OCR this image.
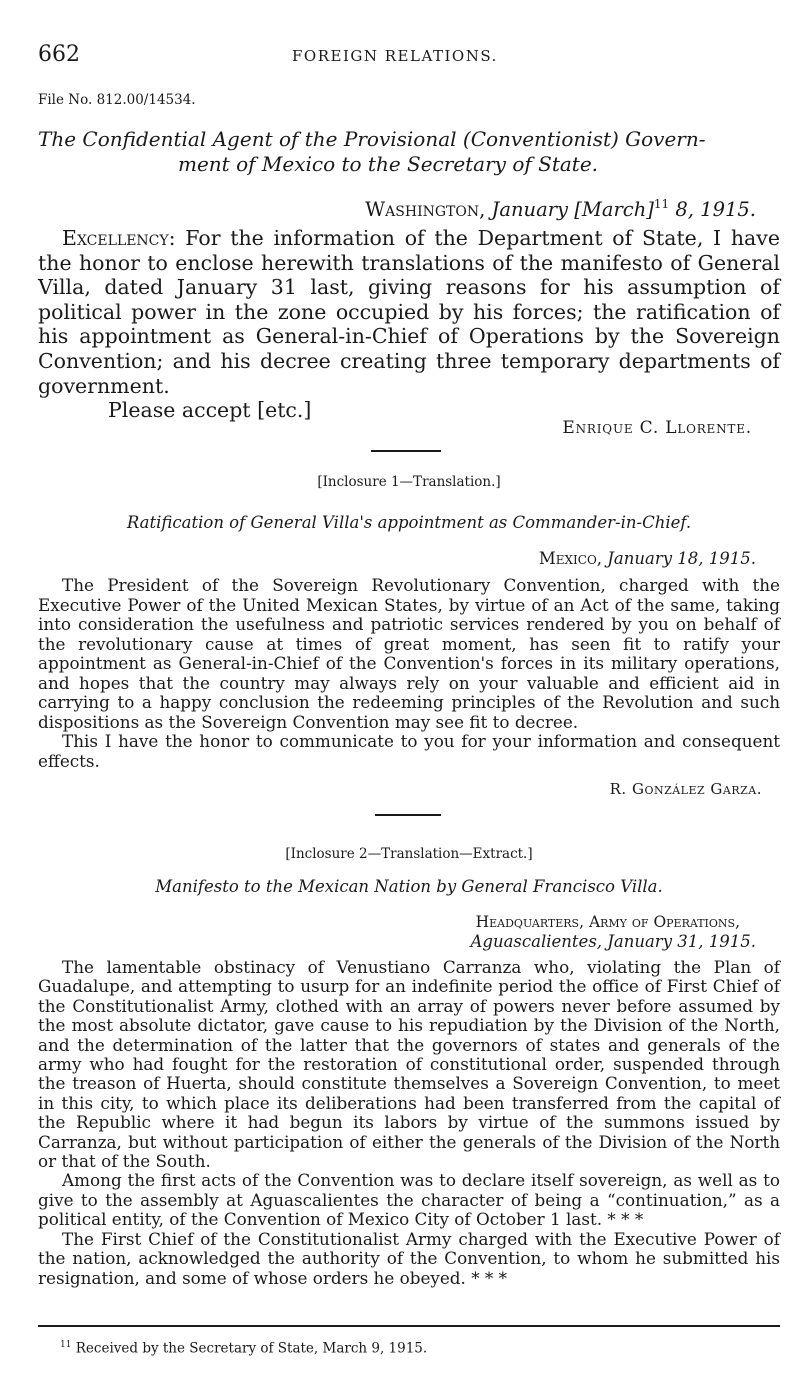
662	FOREIGN RELATIONS.
File No. 812.00/14534.
The Confidential Agent of the Provisional (Conventionist) Govern-
ment of Mexico to the Secretary of State.
Washington, January [March]$^{11}$ 8, 1915.

Excellency: For the information of the Department of State, I have the honor to enclose herewith translations of the manifesto of General Villa, dated January 31 last, giving reasons for his assumption of political power in the zone occupied by his forces; the ratification of his appointment as General-in-Chief of Operations by the Sovereign Convention; and his decree creating three temporary departments of government.

Please accept [etc.]

Enrique C. Llorente.
[Inclosure 1—Translation.]
Ratification of General Villa's appointment as Commander-in-Chief.
Mexico, January 18, 1915.

The President of the Sovereign Revolutionary Convention, charged with the Executive Power of the United Mexican States, by virtue of an Act of the same, taking into consideration the usefulness and patriotic services rendered by you on behalf of the revolutionary cause at times of great moment, has seen fit to ratify your appointment as General-in-Chief of the Convention's forces in its military operations, and hopes that the country may always rely on your valuable and efficient aid in carrying to a happy conclusion the redeeming principles of the Revolution and such dispositions as the Sovereign Convention may see fit to decree.

This I have the honor to communicate to you for your information and consequent effects.

R. González Garza.
[Inclosure 2—Translation—Extract.]
Manifesto to the Mexican Nation by General Francisco Villa.
Headquarters, Army of Operations,
Aguascalientes, January 31, 1915.

The lamentable obstinacy of Venustiano Carranza who, violating the Plan of Guadalupe, and attempting to usurp for an indefinite period the office of First Chief of the Constitutionalist Army, clothed with an array of powers never before assumed by the most absolute dictator, gave cause to his repudiation by the Division of the North, and the determination of the latter that the governors of states and generals of the army who had fought for the restoration of constitutional order, suspended through the treason of Huerta, should constitute themselves a Sovereign Convention, to meet in this city, to which place its deliberations had been transferred from the capital of the Republic where it had begun its labors by virtue of the summons issued by Carranza, but without participation of either the generals of the Division of the North or that of the South.

Among the first acts of the Convention was to declare itself sovereign, as well as to give to the assembly at Aguascalientes the character of being a “continuation,” as a political entity, of the Convention of Mexico City of October 1 last. * * *

The First Chief of the Constitutionalist Army charged with the Executive Power of the nation, acknowledged the authority of the Convention, to whom he submitted his resignation, and some of whose orders he obeyed. * * *

$^{11}$ Received by the Secretary of State, March 9, 1915.
